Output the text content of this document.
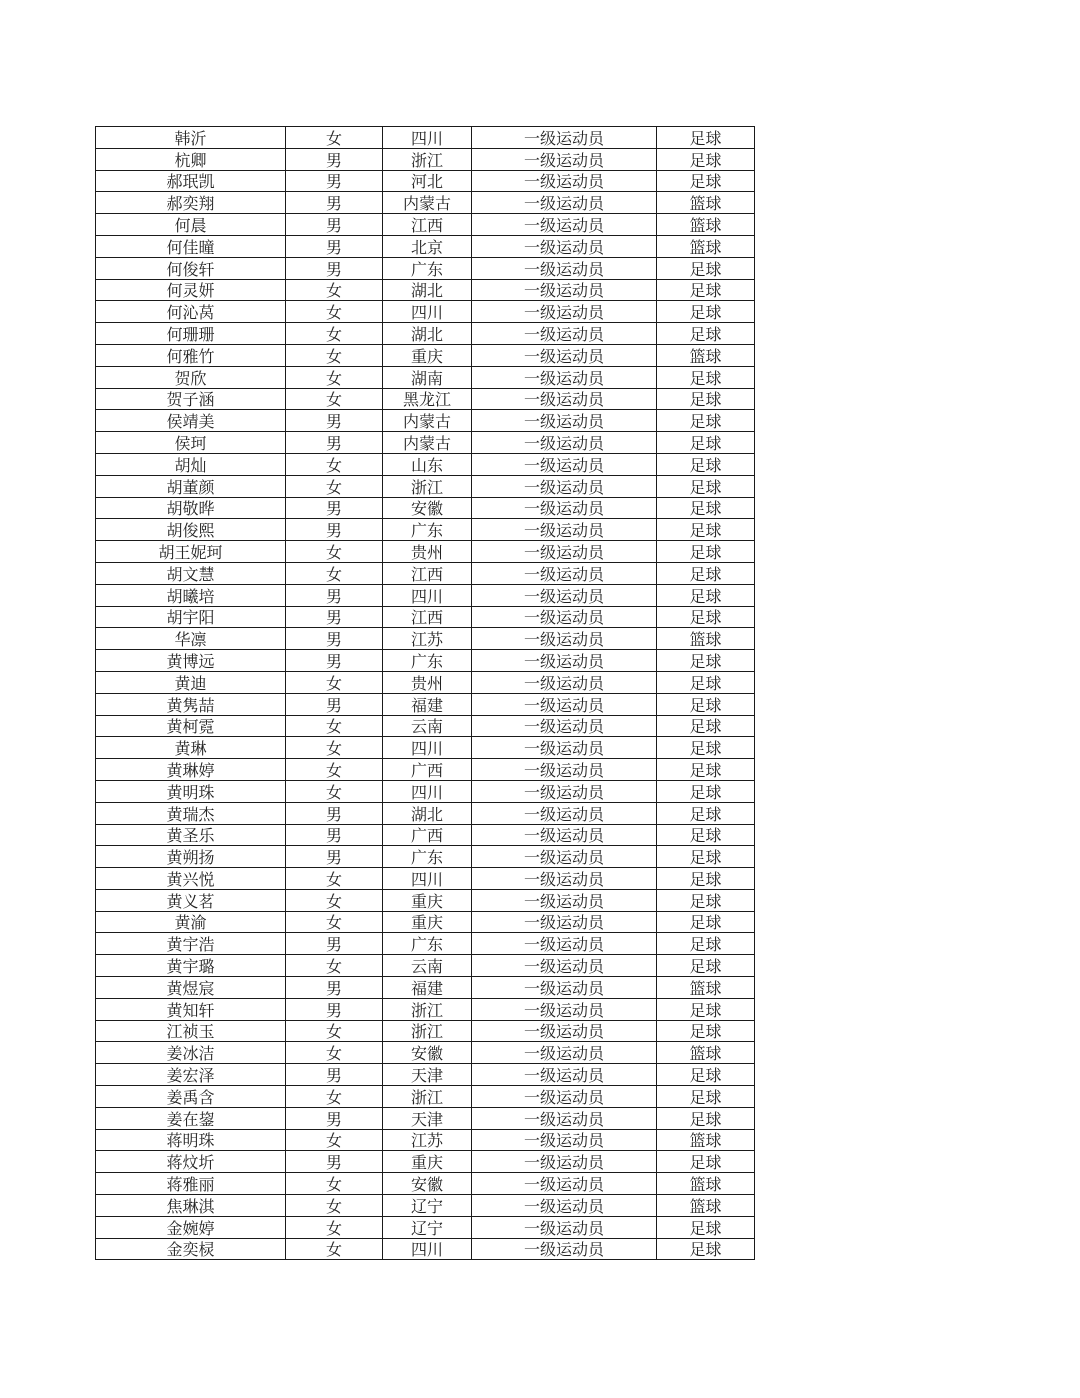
韩沂	女	四川	一级运动员	足球
杭卿	男	浙江	一级运动员	足球
郝珉凯	男	河北	一级运动员	足球
郝奕翔	男	内蒙古	一级运动员	篮球
何晨	男	江西	一级运动员	篮球
何佳曈	男	北京	一级运动员	篮球
何俊轩	男	广东	一级运动员	足球
何灵妍	女	湖北	一级运动员	足球
何沁莴	女	四川	一级运动员	足球
何珊珊	女	湖北	一级运动员	足球
何雅竹	女	重庆	一级运动员	篮球
贺欣	女	湖南	一级运动员	足球
贺子涵	女	黑龙江	一级运动员	足球
侯靖美	男	内蒙古	一级运动员	足球
侯珂	男	内蒙古	一级运动员	足球
胡灿	女	山东	一级运动员	足球
胡董颜	女	浙江	一级运动员	足球
胡敬晔	男	安徽	一级运动员	足球
胡俊熙	男	广东	一级运动员	足球
胡王妮珂	女	贵州	一级运动员	足球
胡文慧	女	江西	一级运动员	足球
胡曦培	男	四川	一级运动员	足球
胡宇阳	男	江西	一级运动员	足球
华凛	男	江苏	一级运动员	篮球
黄博远	男	广东	一级运动员	足球
黄迪	女	贵州	一级运动员	足球
黄隽喆	男	福建	一级运动员	足球
黄柯霓	女	云南	一级运动员	足球
黄琳	女	四川	一级运动员	足球
黄琳婷	女	广西	一级运动员	足球
黄明珠	女	四川	一级运动员	足球
黄瑞杰	男	湖北	一级运动员	足球
黄圣乐	男	广西	一级运动员	足球
黄朔扬	男	广东	一级运动员	足球
黄兴悦	女	四川	一级运动员	足球
黄义茗	女	重庆	一级运动员	足球
黄渝	女	重庆	一级运动员	足球
黄宇浩	男	广东	一级运动员	足球
黄宇璐	女	云南	一级运动员	足球
黄煜宸	男	福建	一级运动员	篮球
黄知轩	男	浙江	一级运动员	足球
江祯玉	女	浙江	一级运动员	足球
姜冰洁	女	安徽	一级运动员	篮球
姜宏泽	男	天津	一级运动员	足球
姜禹含	女	浙江	一级运动员	足球
姜在鋆	男	天津	一级运动员	足球
蒋明珠	女	江苏	一级运动员	篮球
蒋炆圻	男	重庆	一级运动员	足球
蒋雅丽	女	安徽	一级运动员	篮球
焦琳淇	女	辽宁	一级运动员	篮球
金婉婷	女	辽宁	一级运动员	足球
金奕棂	女	四川	一级运动员	足球
